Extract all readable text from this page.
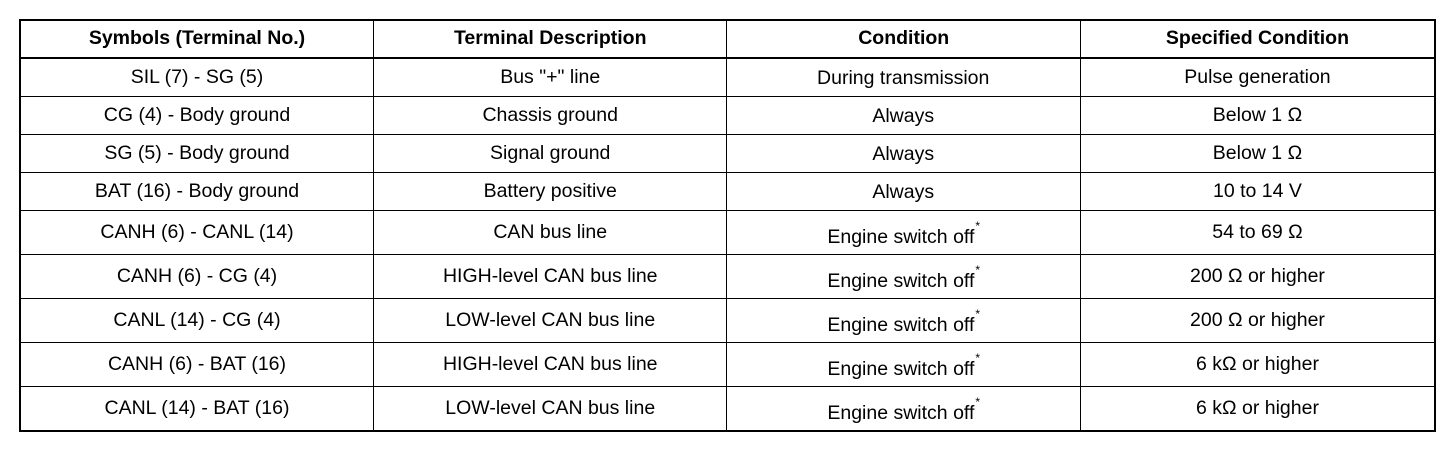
Symbols (Terminal No.)	Terminal Description	Condition	Specified Condition
SIL (7) - SG (5)	Bus "+" line	During transmission	Pulse generation
CG (4) - Body ground	Chassis ground	Always	Below 1 Ω
SG (5) - Body ground	Signal ground	Always	Below 1 Ω
BAT (16) - Body ground	Battery positive	Always	10 to 14 V
CANH (6) - CANL (14)	CAN bus line	Engine switch off*	54 to 69 Ω
CANH (6) - CG (4)	HIGH-level CAN bus line	Engine switch off*	200 Ω or higher
CANL (14) - CG (4)	LOW-level CAN bus line	Engine switch off*	200 Ω or higher
CANH (6) - BAT (16)	HIGH-level CAN bus line	Engine switch off*	6 kΩ or higher
CANL (14) - BAT (16)	LOW-level CAN bus line	Engine switch off*	6 kΩ or higher
